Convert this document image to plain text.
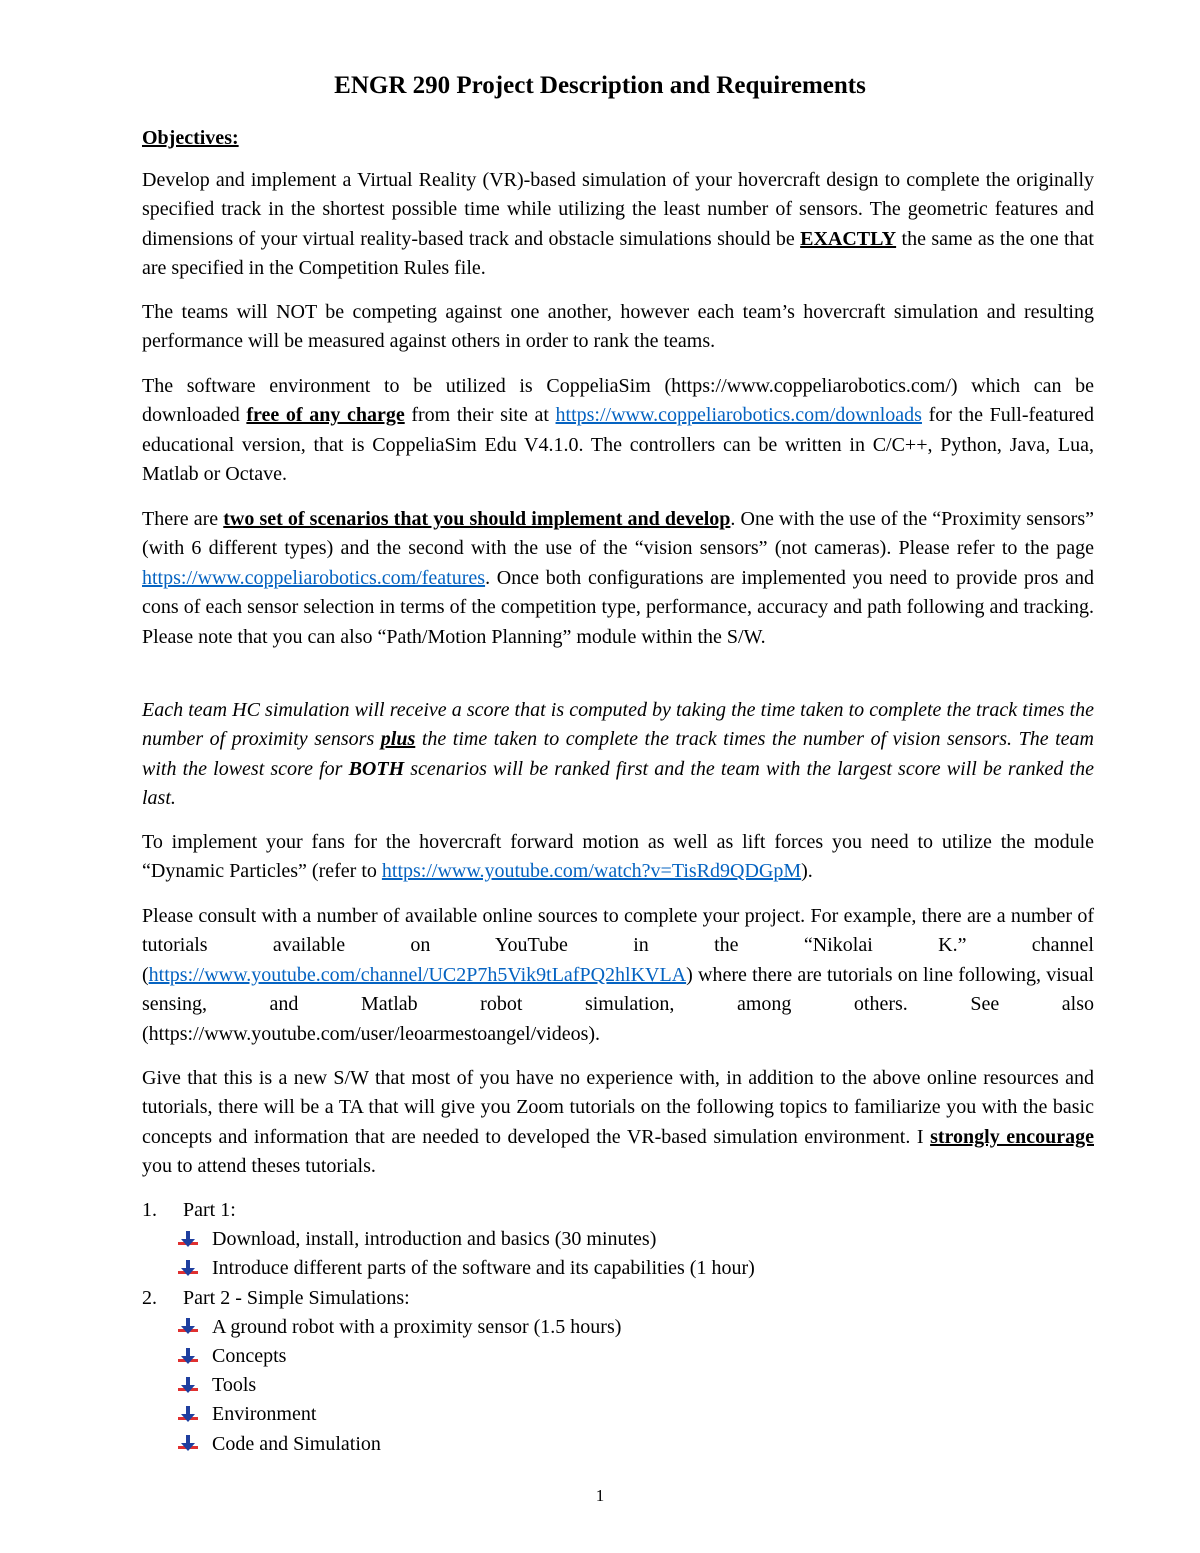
ENGR 290 Project Description and Requirements
Objectives:
Develop and implement a Virtual Reality (VR)-based simulation of your hovercraft design to complete the originally specified track in the shortest possible time while utilizing the least number of sensors. The geometric features and dimensions of your virtual reality-based track and obstacle simulations should be EXACTLY the same as the one that are specified in the Competition Rules file.
The teams will NOT be competing against one another, however each team’s hovercraft simulation and resulting performance will be measured against others in order to rank the teams.
The software environment to be utilized is CoppeliaSim (https://www.coppeliarobotics.com/) which can be downloaded free of any charge from their site at https://www.coppeliarobotics.com/downloads for the Full-featured educational version, that is CoppeliaSim Edu V4.1.0. The controllers can be written in C/C++, Python, Java, Lua, Matlab or Octave.
There are two set of scenarios that you should implement and develop. One with the use of the “Proximity sensors” (with 6 different types) and the second with the use of the “vision sensors” (not cameras). Please refer to the page https://www.coppeliarobotics.com/features. Once both configurations are implemented you need to provide pros and cons of each sensor selection in terms of the competition type, performance, accuracy and path following and tracking. Please note that you can also “Path/Motion Planning” module within the S/W.
Each team HC simulation will receive a score that is computed by taking the time taken to complete the track times the number of proximity sensors plus the time taken to complete the track times the number of vision sensors. The team with the lowest score for BOTH scenarios will be ranked first and the team with the largest score will be ranked the last.
To implement your fans for the hovercraft forward motion as well as lift forces you need to utilize the module “Dynamic Particles” (refer to https://www.youtube.com/watch?v=TisRd9QDGpM).
Please consult with a number of available online sources to complete your project. For example, there are a number of tutorials available on YouTube in the “Nikolai K.” channel (https://www.youtube.com/channel/UC2P7h5Vik9tLafPQ2hlKVLA) where there are tutorials on line following, visual sensing, and Matlab robot simulation, among others. See also (https://www.youtube.com/user/leoarmestoangel/videos).
Give that this is a new S/W that most of you have no experience with, in addition to the above online resources and tutorials, there will be a TA that will give you Zoom tutorials on the following topics to familiarize you with the basic concepts and information that are needed to developed the VR-based simulation environment. I strongly encourage you to attend theses tutorials.
1.	Part 1:
Download, install, introduction and basics (30 minutes)
Introduce different parts of the software and its capabilities (1 hour)
2.	Part 2 - Simple Simulations:
A ground robot with a proximity sensor (1.5 hours)
Concepts
Tools
Environment
Code and Simulation
1
